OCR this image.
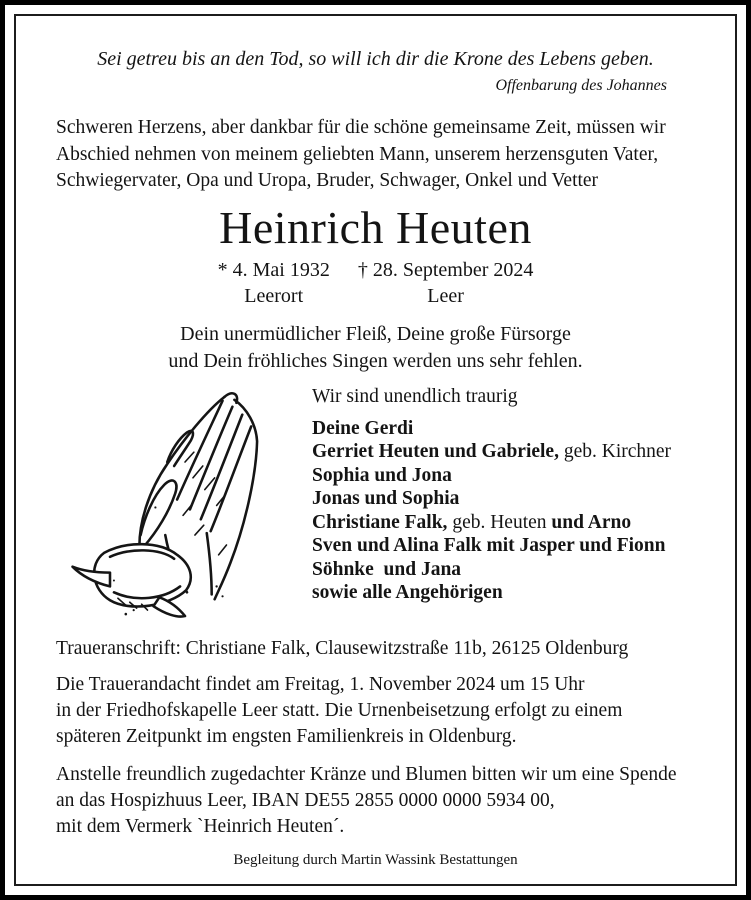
Sei getreu bis an den Tod, so will ich dir die Krone des Lebens geben.
Offenbarung des Johannes
Schweren Herzens, aber dankbar für die schöne gemeinsame Zeit, müssen wir
Abschied nehmen von meinem geliebten Mann, unserem herzensguten Vater,
Schwiegervater, Opa und Uropa, Bruder, Schwager, Onkel und Vetter
Heinrich Heuten
* 4. Mai 1932
Leerort
† 28. September 2024
Leer
Dein unermüdlicher Fleiß, Deine große Fürsorge
und Dein fröhliches Singen werden uns sehr fehlen.
Wir sind unendlich traurig
Deine Gerdi
Gerriet Heuten und Gabriele, geb. Kirchner
Sophia und Jona
Jonas und Sophia
Christiane Falk, geb. Heuten und Arno
Sven und Alina Falk mit Jasper und Fionn
Söhnke  und Jana
sowie alle Angehörigen
Traueranschrift: Christiane Falk, Clausewitzstraße 11b, 26125 Oldenburg
Die Trauerandacht findet am Freitag, 1. November 2024 um 15 Uhr
in der Friedhofskapelle Leer statt. Die Urnenbeisetzung erfolgt zu einem
späteren Zeitpunkt im engsten Familienkreis in Oldenburg.
Anstelle freundlich zugedachter Kränze und Blumen bitten wir um eine Spende
an das Hospizhuus Leer, IBAN DE55 2855 0000 0000 5934 00,
mit dem Vermerk `Heinrich Heuten´.
Begleitung durch Martin Wassink Bestattungen
